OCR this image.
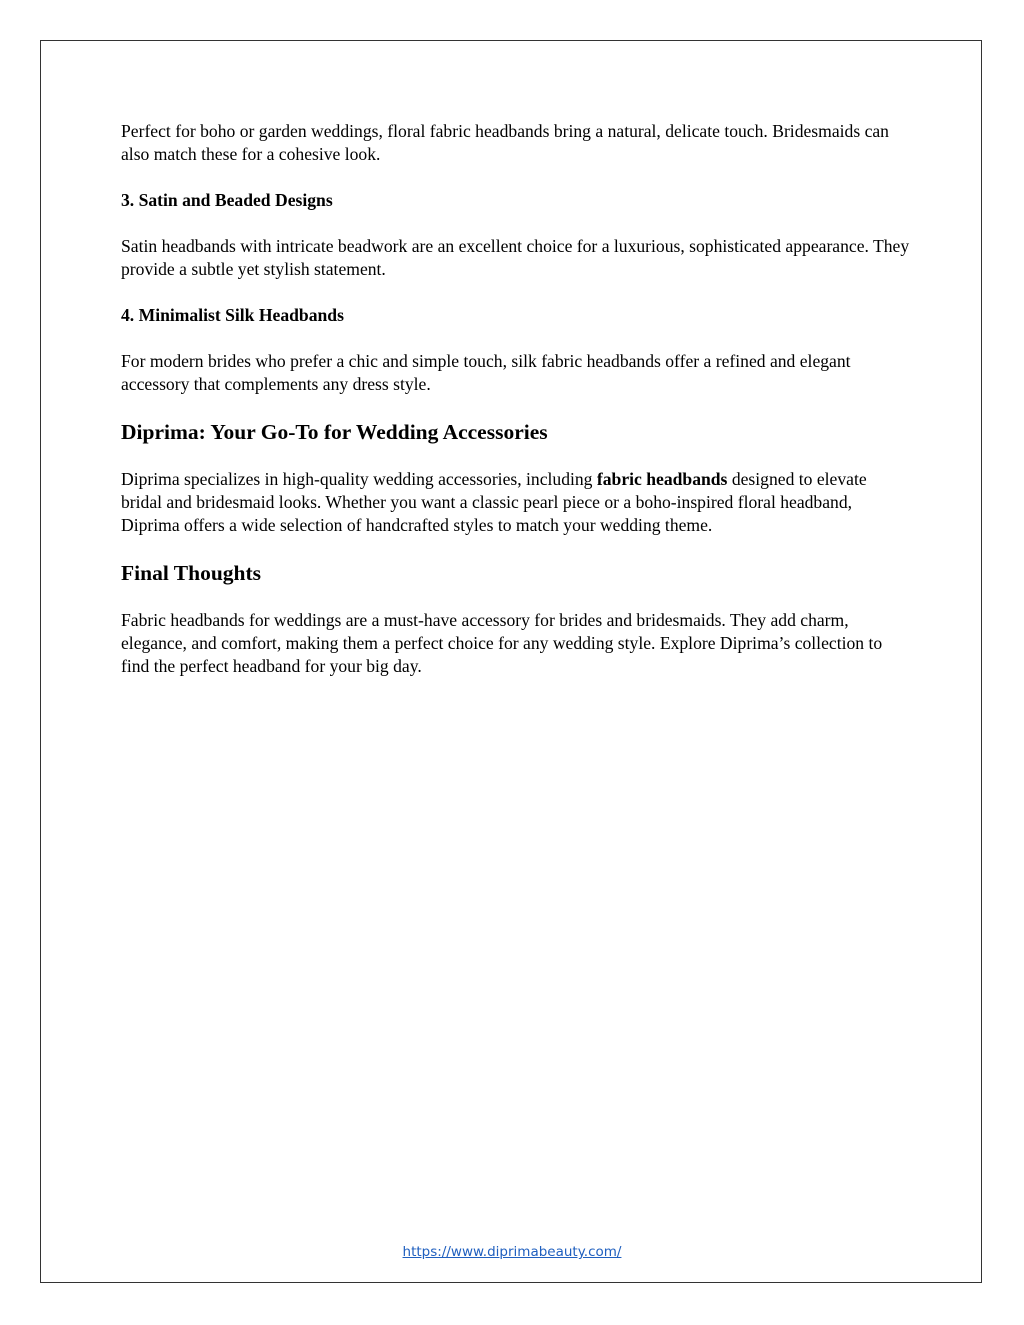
Perfect for boho or garden weddings, floral fabric headbands bring a natural, delicate touch. Bridesmaids can also match these for a cohesive look.

3. Satin and Beaded Designs

Satin headbands with intricate beadwork are an excellent choice for a luxurious, sophisticated appearance. They provide a subtle yet stylish statement.

4. Minimalist Silk Headbands

For modern brides who prefer a chic and simple touch, silk fabric headbands offer a refined and elegant accessory that complements any dress style.

Diprima: Your Go-To for Wedding Accessories

Diprima specializes in high-quality wedding accessories, including fabric headbands designed to elevate bridal and bridesmaid looks. Whether you want a classic pearl piece or a boho-inspired floral headband, Diprima offers a wide selection of handcrafted styles to match your wedding theme.

Final Thoughts

Fabric headbands for weddings are a must-have accessory for brides and bridesmaids. They add charm, elegance, and comfort, making them a perfect choice for any wedding style. Explore Diprima’s collection to find the perfect headband for your big day.

https://www.diprimabeauty.com/
